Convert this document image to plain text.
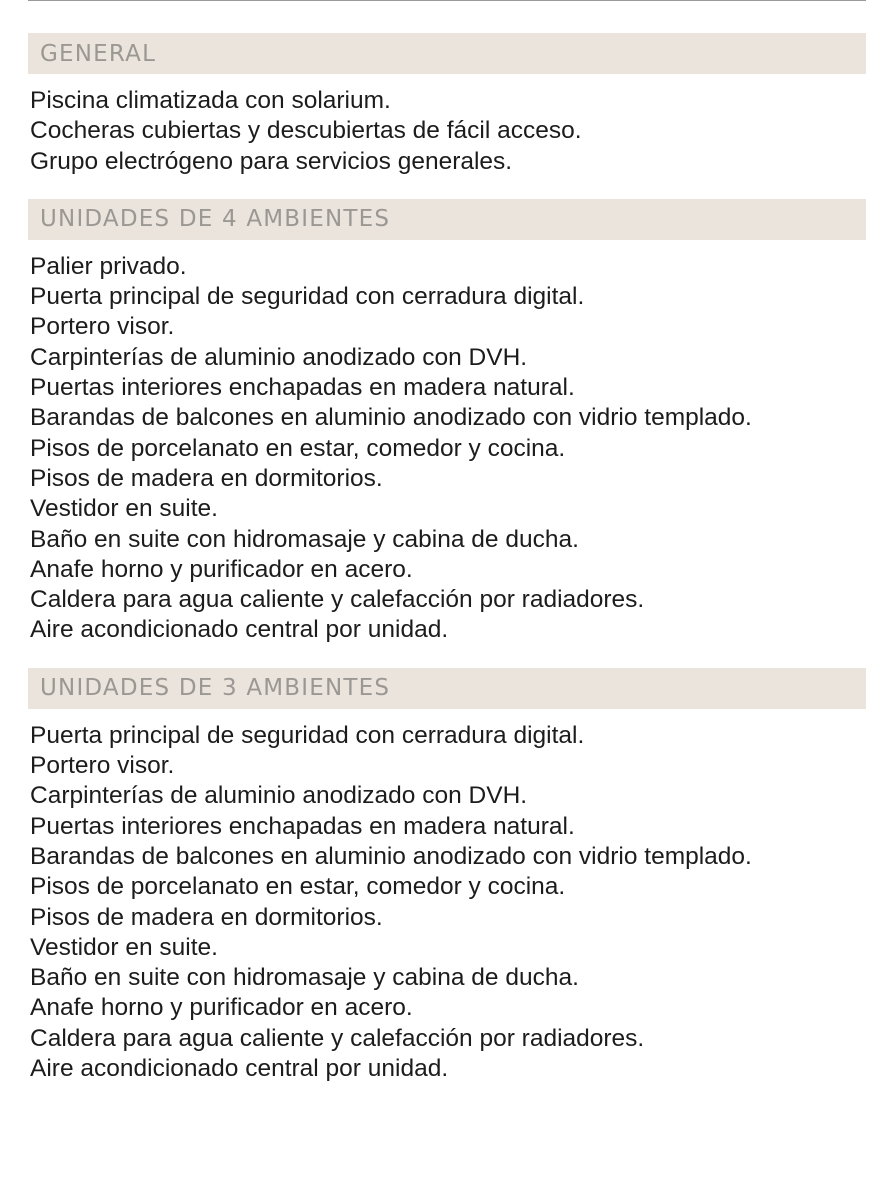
GENERAL
Piscina climatizada con solarium.
Cocheras cubiertas y descubiertas de fácil acceso.
Grupo electrógeno para servicios generales.
UNIDADES DE 4 AMBIENTES
Palier privado.
Puerta principal de seguridad con cerradura digital.
Portero visor.
Carpinterías de aluminio anodizado con DVH.
Puertas interiores enchapadas en madera natural.
Barandas de balcones en aluminio anodizado con vidrio templado.
Pisos de porcelanato en estar, comedor y cocina.
Pisos de madera en dormitorios.
Vestidor en suite.
Baño en suite con hidromasaje y cabina de ducha.
Anafe horno y purificador en acero.
Caldera para agua caliente y calefacción por radiadores.
Aire acondicionado central por unidad.
UNIDADES DE 3 AMBIENTES
Puerta principal de seguridad con cerradura digital.
Portero visor.
Carpinterías de aluminio anodizado con DVH.
Puertas interiores enchapadas en madera natural.
Barandas de balcones en aluminio anodizado con vidrio templado.
Pisos de porcelanato en estar, comedor y cocina.
Pisos de madera en dormitorios.
Vestidor en suite.
Baño en suite con hidromasaje y cabina de ducha.
Anafe horno y purificador en acero.
Caldera para agua caliente y calefacción por radiadores.
Aire acondicionado central por unidad.
